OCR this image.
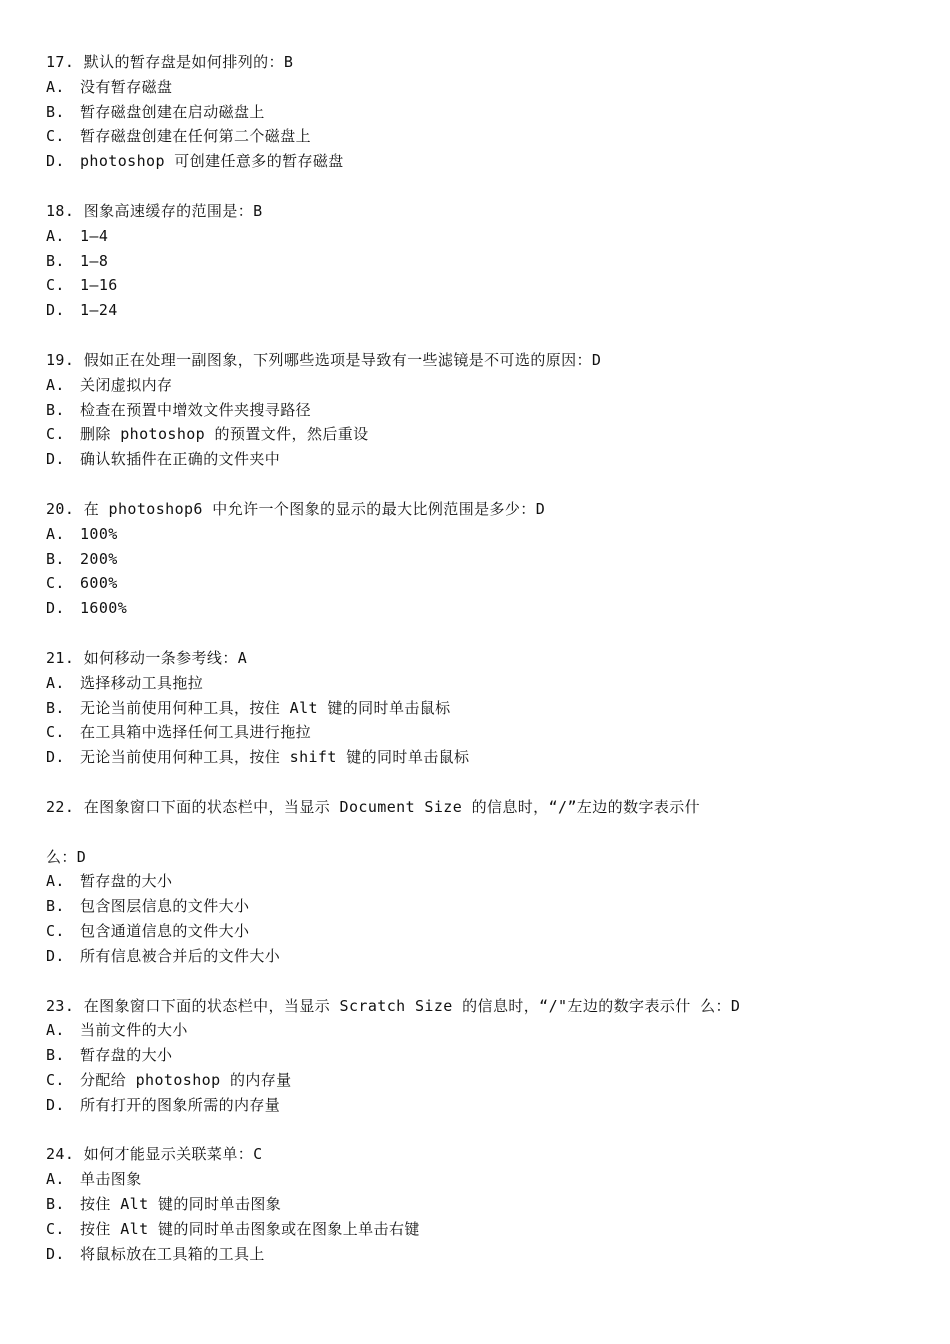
17. 默认的暂存盘是如何排列的：B
A. 没有暂存磁盘
B. 暂存磁盘创建在启动磁盘上
C. 暂存磁盘创建在任何第二个磁盘上
D. photoshop 可创建任意多的暂存磁盘
18. 图象高速缓存的范围是：B
A. 1—4
B. 1—8
C. 1—16
D. 1—24
19. 假如正在处理一副图象，下列哪些选项是导致有一些滤镜是不可选的原因：D
A. 关闭虚拟内存
B. 检查在预置中增效文件夹搜寻路径
C. 删除 photoshop 的预置文件，然后重设
D. 确认软插件在正确的文件夹中
20. 在 photoshop6 中允许一个图象的显示的最大比例范围是多少：D
A. 100%
B. 200%
C. 600%
D. 1600%
21. 如何移动一条参考线：A
A. 选择移动工具拖拉
B. 无论当前使用何种工具，按住 Alt 键的同时单击鼠标
C. 在工具箱中选择任何工具进行拖拉
D. 无论当前使用何种工具，按住 shift 键的同时单击鼠标
22. 在图象窗口下面的状态栏中，当显示 Document Size 的信息时，“/”左边的数字表示什
么：D
A. 暂存盘的大小
B. 包含图层信息的文件大小
C. 包含通道信息的文件大小
D. 所有信息被合并后的文件大小
23. 在图象窗口下面的状态栏中，当显示 Scratch Size 的信息时，“/"左边的数字表示什 么：D
A. 当前文件的大小
B. 暂存盘的大小
C. 分配给 photoshop 的内存量
D. 所有打开的图象所需的内存量
24. 如何才能显示关联菜单：C
A. 单击图象
B. 按住 Alt 键的同时单击图象
C. 按住 Alt 键的同时单击图象或在图象上单击右键
D. 将鼠标放在工具箱的工具上
